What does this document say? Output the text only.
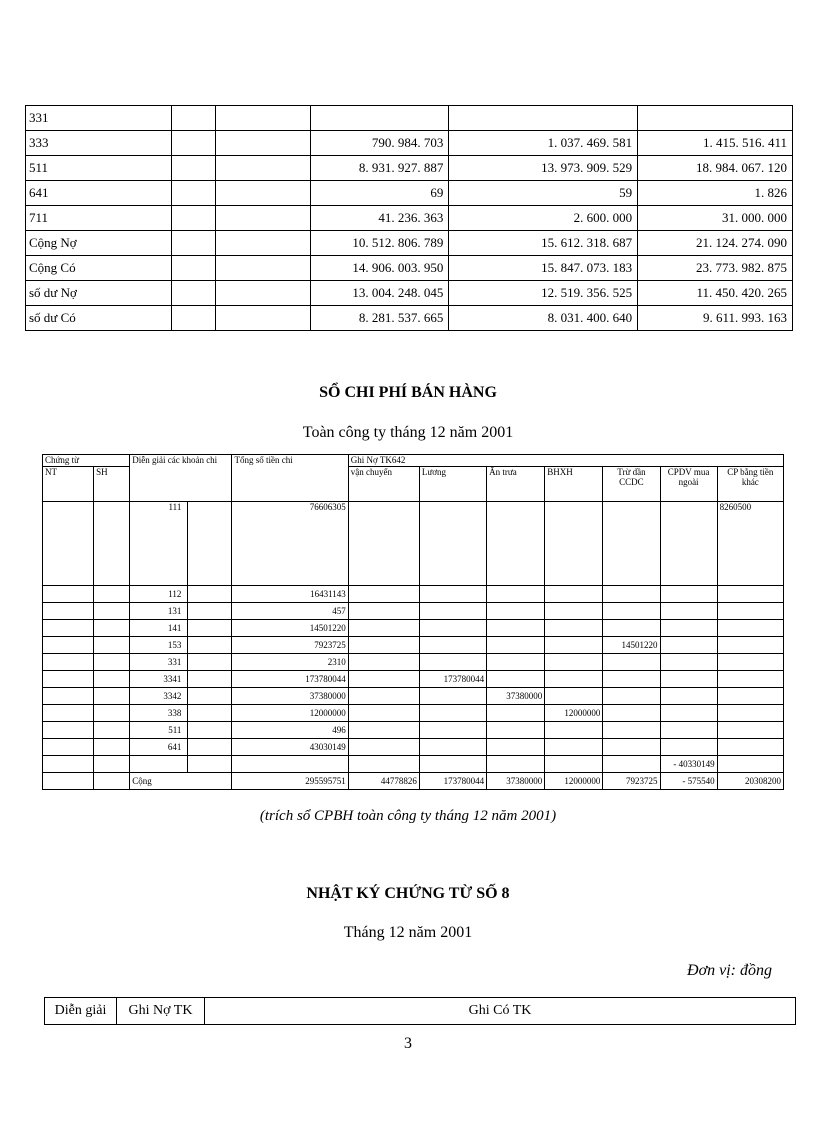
331					
333			790. 984. 703	1. 037. 469. 581	1. 415. 516. 411
511			8. 931. 927. 887	13. 973. 909. 529	18. 984. 067. 120
641			69	59	1. 826
711			41. 236. 363	2. 600. 000	31. 000. 000
Cộng Nợ			10. 512. 806. 789	15. 612. 318. 687	21. 124. 274. 090
Cộng Có			14. 906. 003. 950	15. 847. 073. 183	23. 773. 982. 875
số dư Nợ			13. 004. 248. 045	12. 519. 356. 525	11. 450. 420. 265
số dư Có			8. 281. 537. 665	8. 031. 400. 640	9. 611. 993. 163
SỔ CHI PHÍ BÁN HÀNG
Toàn công ty tháng 12 năm 2001
Chứng từ		Diễn giải các khoản chi		Tổng số tiền chi	Ghi Nợ TK642						
NT	SH				vận chuyển	Lương	Ăn trưa	BHXH	Trừ dần CCDC	CPDV mua ngoài	CP bằng tiền khác
		111		76606305							8260500
		112		16431143							
		131		457							
		141		14501220							
		153		7923725					14501220		
		331		2310							
		3341		173780044		173780044					
		3342		37380000			37380000				
		338		12000000				12000000			
		511		496							
		641		43030149							
										- 40330149	
		Cộng		295595751	44778826	173780044	37380000	12000000	7923725	- 575540	20308200
(trích sổ CPBH toàn công ty tháng 12 năm 2001)
NHẬT KÝ CHỨNG TỪ SỐ 8
Tháng 12 năm 2001
Đơn vị: đồng
Diễn giải	Ghi Nợ TK	Ghi Có TK
3
